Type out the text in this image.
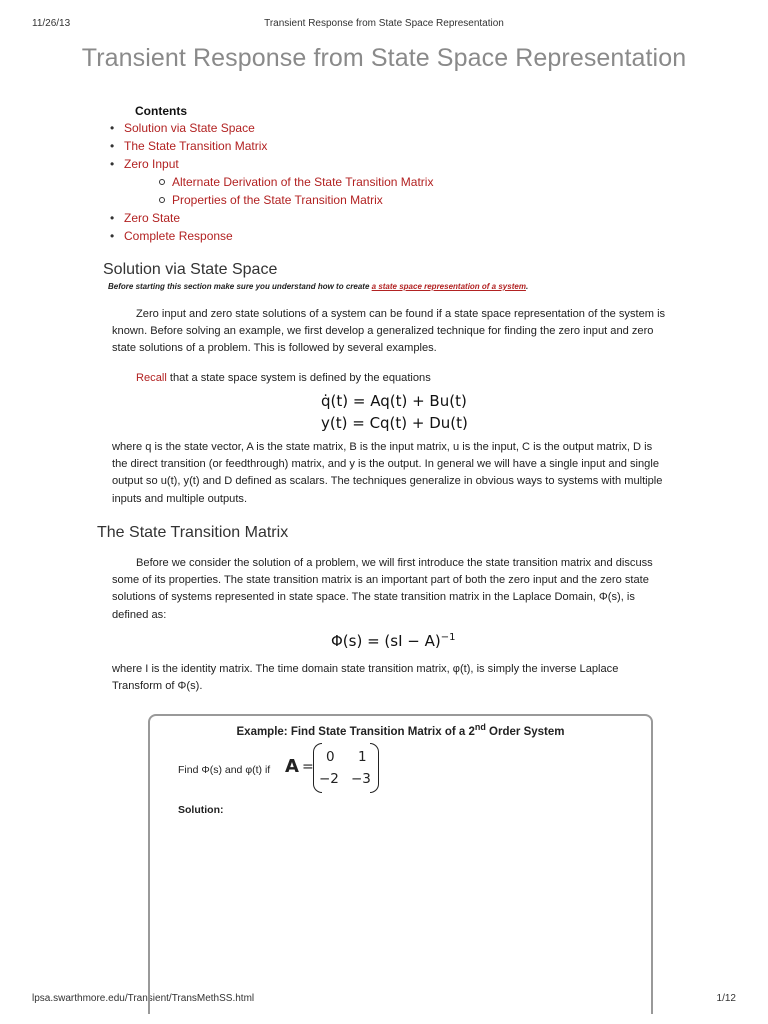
11/26/13	Transient Response from State Space Representation
lpsa.swarthmore.edu/Transient/TransMethSS.html	1/12
Transient Response from State Space Representation
Contents
• Solution via State Space
• The State Transition Matrix
• Zero Input
Alternate Derivation of the State Transition Matrix
Properties of the State Transition Matrix
• Zero State
• Complete Response
Solution via State Space
Before starting this section make sure you understand how to create a state space representation of a system.
Zero input and zero state solutions of a system can be found if a state space representation of the system is known. Before solving an example, we first develop a generalized technique for finding the zero input and zero state solutions of a problem. This is followed by several examples.
Recall that a state space system is defined by the equations
q̇(t) = Aq(t) + Bu(t)
y(t) = Cq(t) + Du(t)
where q is the state vector, A is the state matrix, B is the input matrix, u is the input, C is the output matrix, D is the direct transition (or feedthrough) matrix, and y is the output. In general we will have a single input and single output so u(t), y(t) and D defined as scalars. The techniques generalize in obvious ways to systems with multiple inputs and multiple outputs.
The State Transition Matrix
Before we consider the solution of a problem, we will first introduce the state transition matrix and discuss some of its properties. The state transition matrix is an important part of both the zero input and the zero state solutions of systems represented in state space. The state transition matrix in the Laplace Domain, Φ(s), is defined as:
Φ(s) = (sI − A)$^{-1}$
where I is the identity matrix. The time domain state transition matrix, φ(t), is simply the inverse Laplace Transform of Φ(s).
Example: Find State Transition Matrix of a 2nd Order System
Find Φ(s) and φ(t) if A =
0 1
−2 −3
Solution:
